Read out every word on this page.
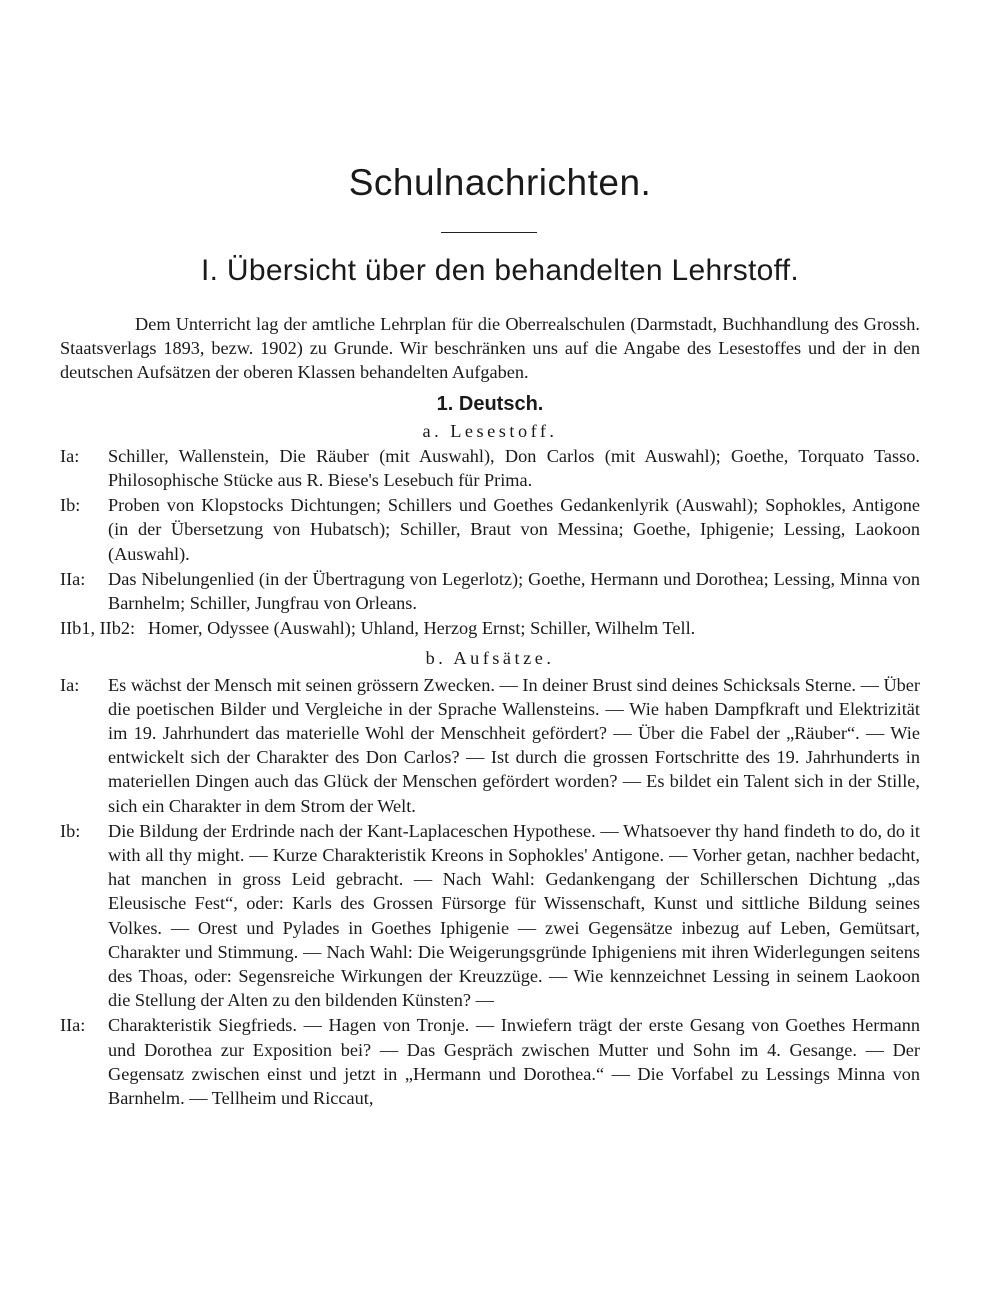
Schulnachrichten.
I. Übersicht über den behandelten Lehrstoff.

Dem Unterricht lag der amtliche Lehrplan für die Oberrealschulen (Darmstadt, Buchhandlung des Grossh. Staatsverlags 1893, bezw. 1902) zu Grunde. Wir beschränken uns auf die Angabe des Lesestoffes und der in den deutschen Aufsätzen der oberen Klassen behandelten Aufgaben.

1. Deutsch.

a. Lesestoff.

Ia:	Schiller, Wallenstein, Die Räuber (mit Auswahl), Don Carlos (mit Auswahl); Goethe, Torquato Tasso. Philosophische Stücke aus R. Biese's Lesebuch für Prima.
Ib:	Proben von Klopstocks Dichtungen; Schillers und Goethes Gedankenlyrik (Auswahl); Sophokles, Antigone (in der Übersetzung von Hubatsch); Schiller, Braut von Messina; Goethe, Iphigenie; Lessing, Laokoon (Auswahl).
IIa:	Das Nibelungenlied (in der Übertragung von Legerlotz); Goethe, Hermann und Dorothea; Lessing, Minna von Barnhelm; Schiller, Jungfrau von Orleans.
IIb1, IIb2: Homer, Odyssee (Auswahl); Uhland, Herzog Ernst; Schiller, Wilhelm Tell.

b. Aufsätze.

Ia:	Es wächst der Mensch mit seinen grössern Zwecken. — In deiner Brust sind deines Schicksals Sterne. — Über die poetischen Bilder und Vergleiche in der Sprache Wallensteins. — Wie haben Dampfkraft und Elektrizität im 19. Jahrhundert das materielle Wohl der Menschheit gefördert? — Über die Fabel der „Räuber“. — Wie entwickelt sich der Charakter des Don Carlos? — Ist durch die grossen Fortschritte des 19. Jahrhunderts in materiellen Dingen auch das Glück der Menschen gefördert worden? — Es bildet ein Talent sich in der Stille, sich ein Charakter in dem Strom der Welt.
Ib:	Die Bildung der Erdrinde nach der Kant-Laplaceschen Hypothese. — Whatsoever thy hand findeth to do, do it with all thy might. — Kurze Charakteristik Kreons in Sophokles' Antigone. — Vorher getan, nachher bedacht, hat manchen in gross Leid gebracht. — Nach Wahl: Gedankengang der Schillerschen Dichtung „das Eleusische Fest“, oder: Karls des Grossen Fürsorge für Wissenschaft, Kunst und sittliche Bildung seines Volkes. — Orest und Pylades in Goethes Iphigenie — zwei Gegensätze inbezug auf Leben, Gemütsart, Charakter und Stimmung. — Nach Wahl: Die Weigerungsgründe Iphigeniens mit ihren Widerlegungen seitens des Thoas, oder: Segensreiche Wirkungen der Kreuzzüge. — Wie kennzeichnet Lessing in seinem Laokoon die Stellung der Alten zu den bildenden Künsten? —
IIa:	Charakteristik Siegfrieds. — Hagen von Tronje. — Inwiefern trägt der erste Gesang von Goethes Hermann und Dorothea zur Exposition bei? — Das Gespräch zwischen Mutter und Sohn im 4. Gesange. — Der Gegensatz zwischen einst und jetzt in „Hermann und Dorothea.“ — Die Vorfabel zu Lessings Minna von Barnhelm. — Tellheim und Riccaut,
